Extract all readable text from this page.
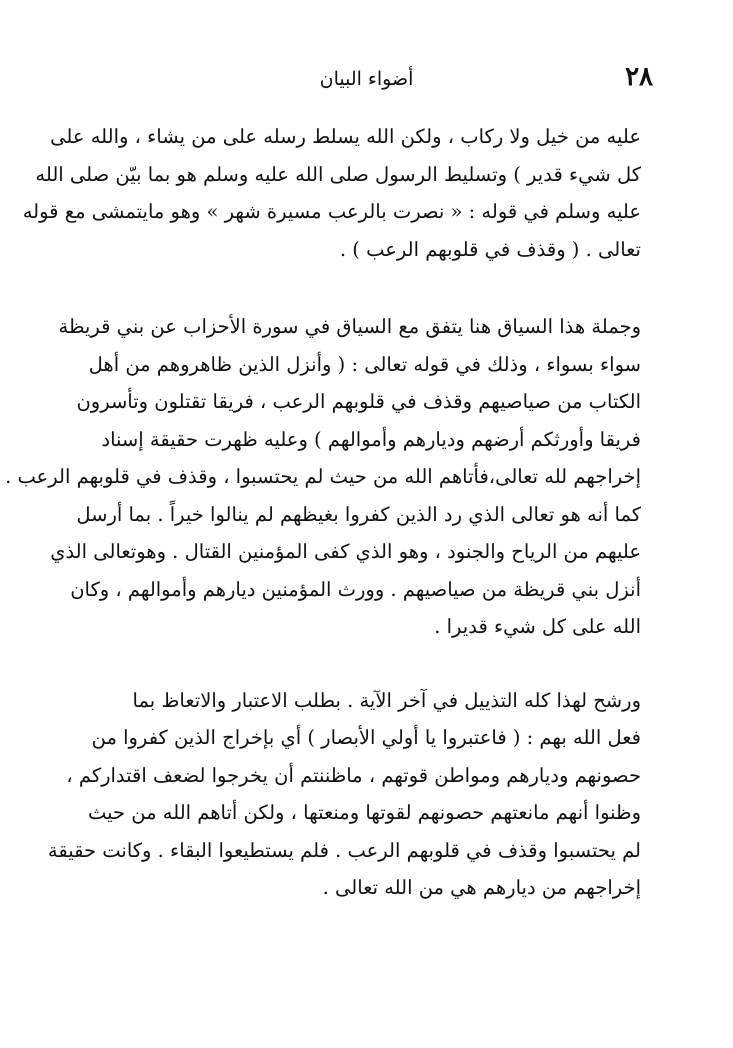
٢٨
أضواء البيان

عليه من خيل ولا ركاب ، ولكن الله يسلط رسله على من يشاء ، والله على
كل شيء قدير ) وتسليط الرسول صلى الله عليه وسلم هو بما بيّن صلى الله
عليه وسلم في قوله : « نصرت بالرعب مسيرة شهر » وهو مايتمشى مع قوله
تعالى . ( وقذف في قلوبهم الرعب ) .

وجملة هذا السياق هنا يتفق مع السياق في سورة الأحزاب عن بني قريظة
سواء بسواء ، وذلك في قوله تعالى : ( وأنزل الذين ظاهروهم من أهل
الكتاب من صياصيهم وقذف في قلوبهم الرعب ، فريقا تقتلون وتأسرون
فريقا وأورثكم أرضهم وديارهم وأموالهم ) وعليه ظهرت حقيقة إسناد
إخراجهم لله تعالى،فأتاهم الله من حيث لم يحتسبوا ، وقذف في قلوبهم الرعب .
كما أنه هو تعالى الذي رد الذين كفروا بغيظهم لم ينالوا خيراً . بما أرسل
عليهم من الرياح والجنود ، وهو الذي كفى المؤمنين القتال . وهوتعالى الذي
أنزل بني قريظة من صياصيهم . وورث المؤمنين ديارهم وأموالهم ، وكان
الله على كل شيء قديرا .

ورشح لهذا كله التذييل في آخر الآية . بطلب الاعتبار والاتعاظ بما
فعل الله بهم : ( فاعتبروا يا أولي الأبصار ) أي بإخراج الذين كفروا من
حصونهم وديارهم ومواطن قوتهم ، ماظننتم أن يخرجوا لضعف اقتداركم ،
وظنوا أنهم مانعتهم حصونهم لقوتها ومنعتها ، ولكن أتاهم الله من حيث
لم يحتسبوا وقذف في قلوبهم الرعب . فلم يستطيعوا البقاء . وكانت حقيقة
إخراجهم من ديارهم هي من الله تعالى .
